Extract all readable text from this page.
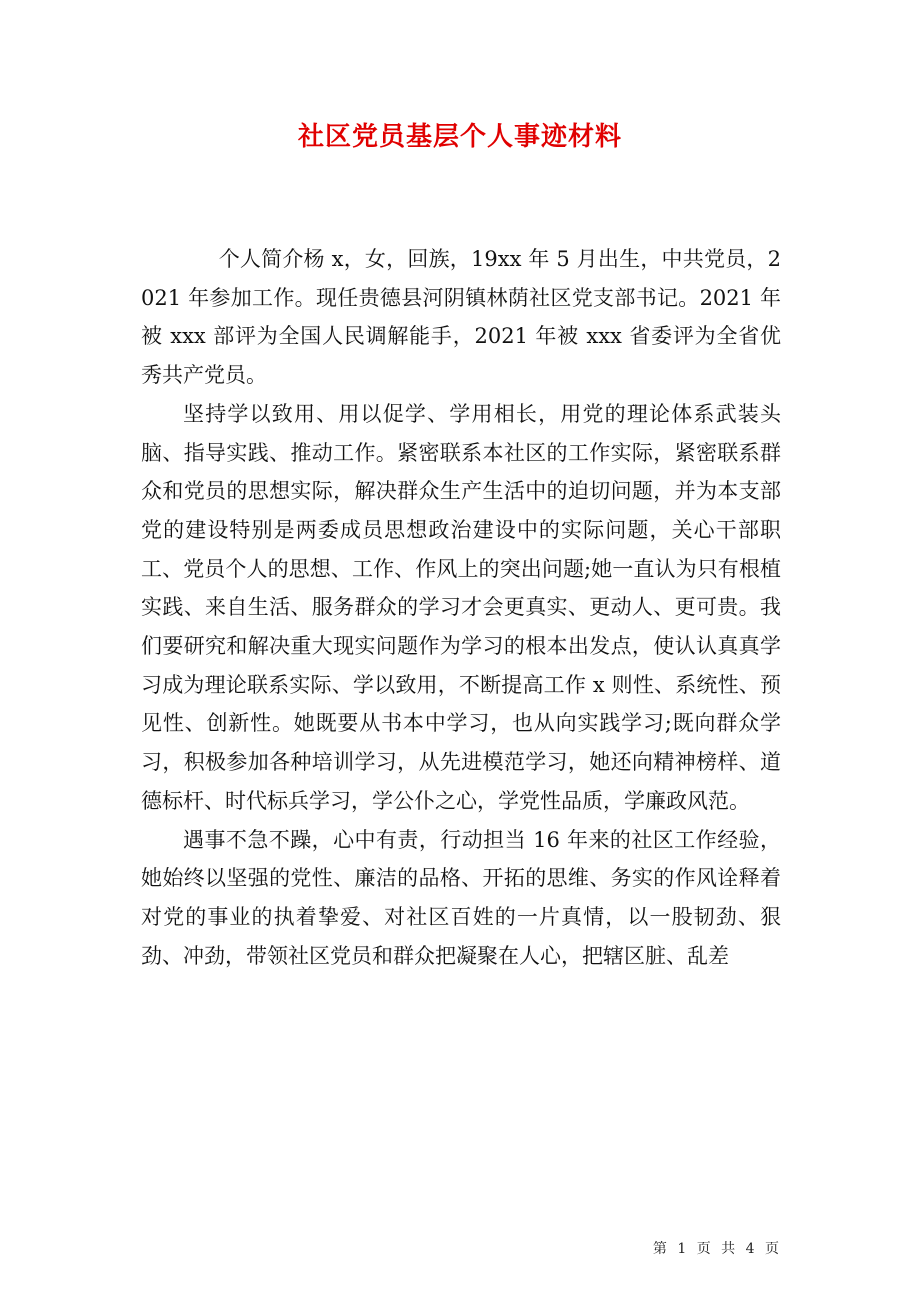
社区党员基层个人事迹材料

个人简介杨 x，女，回族，19xx 年 5 月出生，中共党员，2021 年参加工作。现任贵德县河阴镇林荫社区党支部书记。2021 年被 xxx 部评为全国人民调解能手，2021 年被 xxx 省委评为全省优秀共产党员。

坚持学以致用、用以促学、学用相长，用党的理论体系武装头脑、指导实践、推动工作。紧密联系本社区的工作实际，紧密联系群众和党员的思想实际，解决群众生产生活中的迫切问题，并为本支部党的建设特别是两委成员思想政治建设中的实际问题，关心干部职工、党员个人的思想、工作、作风上的突出问题;她一直认为只有根植实践、来自生活、服务群众的学习才会更真实、更动人、更可贵。我们要研究和解决重大现实问题作为学习的根本出发点，使认认真真学习成为理论联系实际、学以致用，不断提高工作 x 则性、系统性、预见性、创新性。她既要从书本中学习，也从向实践学习;既向群众学习，积极参加各种培训学习，从先进模范学习，她还向精神榜样、道德标杆、时代标兵学习，学公仆之心，学党性品质，学廉政风范。

遇事不急不躁，心中有责，行动担当 16 年来的社区工作经验，她始终以坚强的党性、廉洁的品格、开拓的思维、务实的作风诠释着对党的事业的执着挚爱、对社区百姓的一片真情，以一股韧劲、狠劲、冲劲，带领社区党员和群众把凝聚在人心，把辖区脏、乱差

第 1 页 共 4 页
